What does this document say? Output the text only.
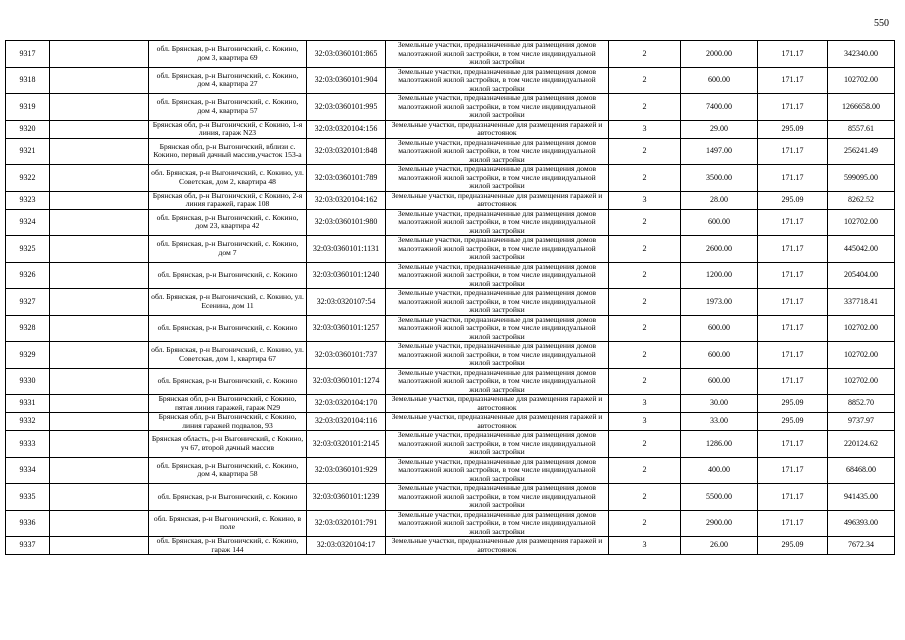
550
9317		обл. Брянская, р-н Выгоничский, с. Кокино, дом 3, квартира 69	32:03:0360101:865	Земельные участки, предназначенные для размещения домов малоэтажной жилой застройки, в том числе индивидуальной жилой застройки	2	2000.00	171.17	342340.00
9318		обл. Брянская, р-н Выгоничский, с. Кокино, дом 4, квартира 27	32:03:0360101:904	Земельные участки, предназначенные для размещения домов малоэтажной жилой застройки, в том числе индивидуальной жилой застройки	2	600.00	171.17	102702.00
9319		обл. Брянская, р-н Выгоничский, с. Кокино, дом 4, квартира 57	32:03:0360101:995	Земельные участки, предназначенные для размещения домов малоэтажной жилой застройки, в том числе индивидуальной жилой застройки	2	7400.00	171.17	1266658.00
9320		Брянская обл, р-н Выгоничский, с Кокино, 1-я линия, гараж N23	32:03:0320104:156	Земельные участки, предназначенные для размещения гаражей и автостоянок	3	29.00	295.09	8557.61
9321		Брянская обл, р-н Выгоничский, вблизи с. Кокино, первый дачный массив,участок 153-а	32:03:0320101:848	Земельные участки, предназначенные для размещения домов малоэтажной жилой застройки, в том числе индивидуальной жилой застройки	2	1497.00	171.17	256241.49
9322		обл. Брянская, р-н Выгоничский, с. Кокино, ул. Советская, дом 2, квартира 48	32:03:0360101:789	Земельные участки, предназначенные для размещения домов малоэтажной жилой застройки, в том числе индивидуальной жилой застройки	2	3500.00	171.17	599095.00
9323		Брянская обл, р-н Выгоничский, с Кокино, 2-я линия гаражей, гараж 108	32:03:0320104:162	Земельные участки, предназначенные для размещения гаражей и автостоянок	3	28.00	295.09	8262.52
9324		обл. Брянская, р-н Выгоничский, с. Кокино, дом 23, квартира 42	32:03:0360101:980	Земельные участки, предназначенные для размещения домов малоэтажной жилой застройки, в том числе индивидуальной жилой застройки	2	600.00	171.17	102702.00
9325		обл. Брянская, р-н Выгоничский, с. Кокино, дом 7	32:03:0360101:1131	Земельные участки, предназначенные для размещения домов малоэтажной жилой застройки, в том числе индивидуальной жилой застройки	2	2600.00	171.17	445042.00
9326		обл. Брянская, р-н Выгоничский, с. Кокино	32:03:0360101:1240	Земельные участки, предназначенные для размещения домов малоэтажной жилой застройки, в том числе индивидуальной жилой застройки	2	1200.00	171.17	205404.00
9327		обл. Брянская, р-н Выгоничский, с. Кокино, ул. Есенина, дом 11	32:03:0320107:54	Земельные участки, предназначенные для размещения домов малоэтажной жилой застройки, в том числе индивидуальной жилой застройки	2	1973.00	171.17	337718.41
9328		обл. Брянская, р-н Выгоничский, с. Кокино	32:03:0360101:1257	Земельные участки, предназначенные для размещения домов малоэтажной жилой застройки, в том числе индивидуальной жилой застройки	2	600.00	171.17	102702.00
9329		обл. Брянская, р-н Выгоничский, с. Кокино, ул. Советская, дом 1, квартира 67	32:03:0360101:737	Земельные участки, предназначенные для размещения домов малоэтажной жилой застройки, в том числе индивидуальной жилой застройки	2	600.00	171.17	102702.00
9330		обл. Брянская, р-н Выгоничский, с. Кокино	32:03:0360101:1274	Земельные участки, предназначенные для размещения домов малоэтажной жилой застройки, в том числе индивидуальной жилой застройки	2	600.00	171.17	102702.00
9331		Брянская обл, р-н Выгоничский, с Кокино, пятая линия гаражей, гараж N29	32:03:0320104:170	Земельные участки, предназначенные для размещения гаражей и автостоянок	3	30.00	295.09	8852.70
9332		Брянская обл, р-н Выгоничский, с Кокино, линия гаражей подвалов, 93	32:03:0320104:116	Земельные участки, предназначенные для размещения гаражей и автостоянок	3	33.00	295.09	9737.97
9333		Брянская область, р-н Выгоничский, с Кокино, уч 67, второй дачный массив	32:03:0320101:2145	Земельные участки, предназначенные для размещения домов малоэтажной жилой застройки, в том числе индивидуальной жилой застройки	2	1286.00	171.17	220124.62
9334		обл. Брянская, р-н Выгоничский, с. Кокино, дом 4, квартира 58	32:03:0360101:929	Земельные участки, предназначенные для размещения домов малоэтажной жилой застройки, в том числе индивидуальной жилой застройки	2	400.00	171.17	68468.00
9335		обл. Брянская, р-н Выгоничский, с. Кокино	32:03:0360101:1239	Земельные участки, предназначенные для размещения домов малоэтажной жилой застройки, в том числе индивидуальной жилой застройки	2	5500.00	171.17	941435.00
9336		обл. Брянская, р-н Выгоничский, с. Кокино, в поле	32:03:0320101:791	Земельные участки, предназначенные для размещения домов малоэтажной жилой застройки, в том числе индивидуальной жилой застройки	2	2900.00	171.17	496393.00
9337		обл. Брянская, р-н Выгоничский, с. Кокино, гараж 144	32:03:0320104:17	Земельные участки, предназначенные для размещения гаражей и автостоянок	3	26.00	295.09	7672.34
